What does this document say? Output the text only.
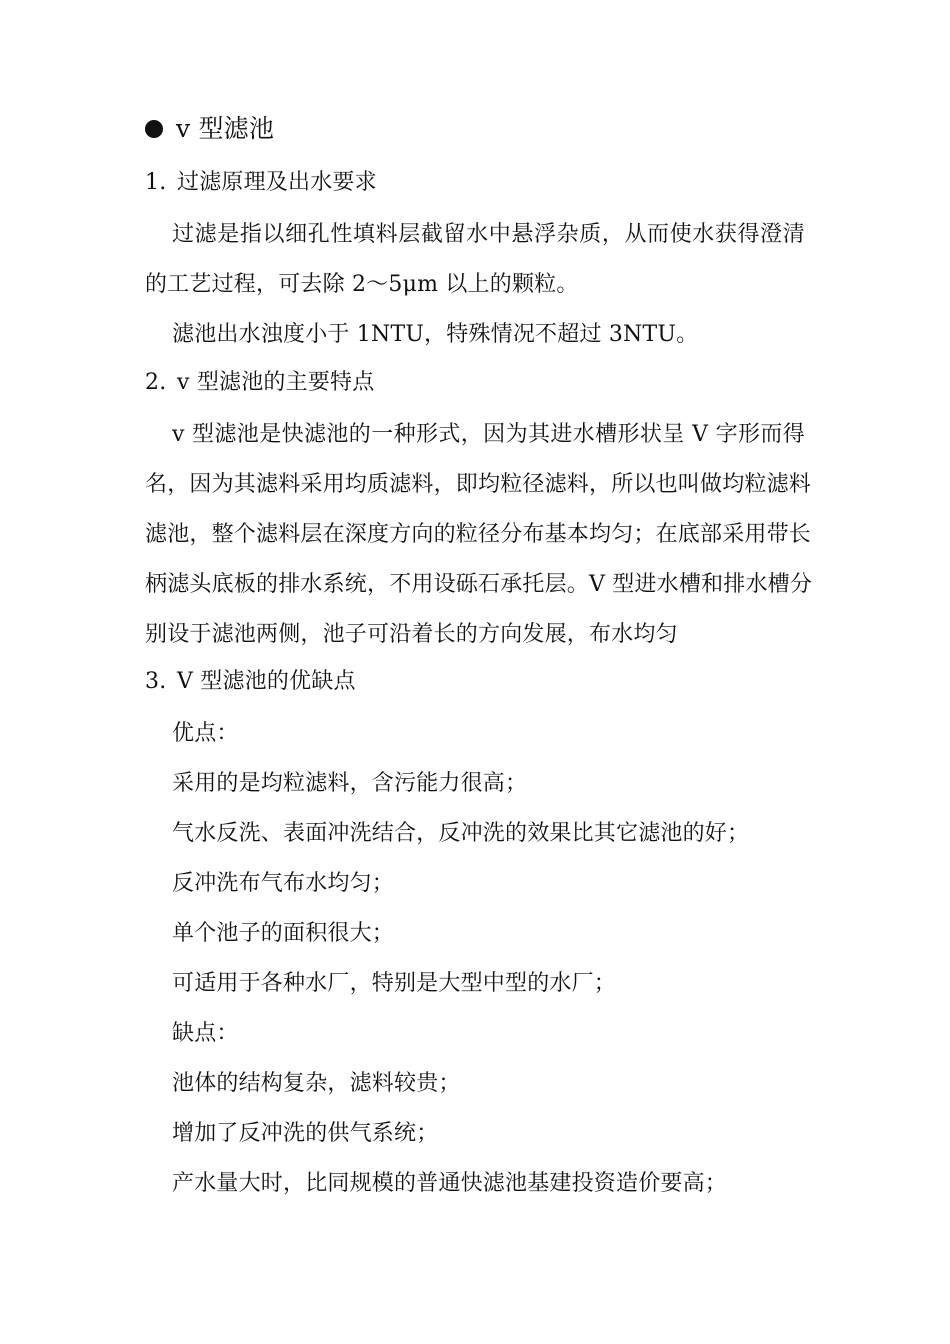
v 型滤池
1. 过滤原理及出水要求
过滤是指以细孔性填料层截留水中悬浮杂质，从而使水获得澄清
的工艺过程，可去除 2～5μm 以上的颗粒。
滤池出水浊度小于 1NTU，特殊情况不超过 3NTU。
2. v 型滤池的主要特点
v 型滤池是快滤池的一种形式，因为其进水槽形状呈 V 字形而得
名，因为其滤料采用均质滤料，即均粒径滤料，所以也叫做均粒滤料
滤池，整个滤料层在深度方向的粒径分布基本均匀；在底部采用带长
柄滤头底板的排水系统，不用设砾石承托层。V 型进水槽和排水槽分
别设于滤池两侧，池子可沿着长的方向发展，布水均匀
3. V 型滤池的优缺点
优点：
采用的是均粒滤料，含污能力很高；
气水反洗、表面冲洗结合，反冲洗的效果比其它滤池的好；
反冲洗布气布水均匀；
单个池子的面积很大；
可适用于各种水厂，特别是大型中型的水厂；
缺点：
池体的结构复杂，滤料较贵；
增加了反冲洗的供气系统；
产水量大时，比同规模的普通快滤池基建投资造价要高；
